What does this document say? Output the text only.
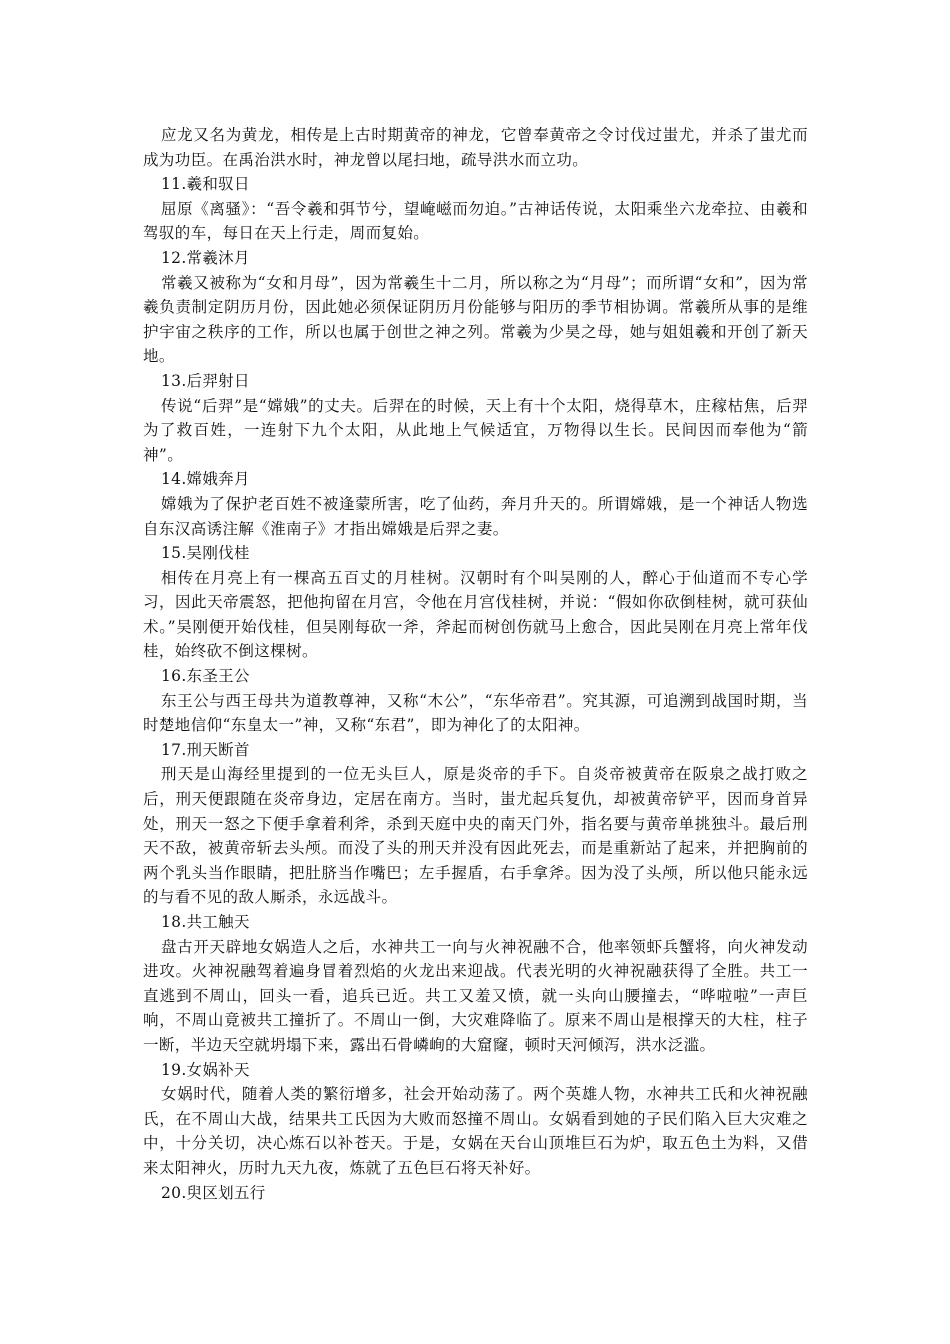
应龙又名为黄龙，相传是上古时期黄帝的神龙，它曾奉黄帝之令讨伐过蚩尤，并杀了蚩尤而成为功臣。在禹治洪水时，神龙曾以尾扫地，疏导洪水而立功。

11.羲和驭日

屈原《离骚》：“吾令羲和弭节兮，望崦嵫而勿迫。”古神话传说，太阳乘坐六龙牵拉、由羲和驾驭的车，每日在天上行走，周而复始。

12.常羲沐月

常羲又被称为“女和月母”，因为常羲生十二月，所以称之为“月母”；而所谓“女和”，因为常羲负责制定阴历月份，因此她必须保证阴历月份能够与阳历的季节相协调。常羲所从事的是维护宇宙之秩序的工作，所以也属于创世之神之列。常羲为少昊之母，她与姐姐羲和开创了新天地。

13.后羿射日

传说“后羿”是“嫦娥”的丈夫。后羿在的时候，天上有十个太阳，烧得草木，庄稼枯焦，后羿为了救百姓，一连射下九个太阳，从此地上气候适宜，万物得以生长。民间因而奉他为“箭神”。

14.嫦娥奔月

嫦娥为了保护老百姓不被逢蒙所害，吃了仙药，奔月升天的。所谓嫦娥，是一个神话人物选自东汉高诱注解《淮南子》才指出嫦娥是后羿之妻。

15.吴刚伐桂

相传在月亮上有一棵高五百丈的月桂树。汉朝时有个叫吴刚的人，醉心于仙道而不专心学习，因此天帝震怒，把他拘留在月宫，令他在月宫伐桂树，并说：“假如你砍倒桂树，就可获仙术。”吴刚便开始伐桂，但吴刚每砍一斧，斧起而树创伤就马上愈合，因此吴刚在月亮上常年伐桂，始终砍不倒这棵树。

16.东圣王公

东王公与西王母共为道教尊神，又称“木公”，“东华帝君”。究其源，可追溯到战国时期，当时楚地信仰“东皇太一”神，又称“东君”，即为神化了的太阳神。

17.刑天断首

刑天是山海经里提到的一位无头巨人，原是炎帝的手下。自炎帝被黄帝在阪泉之战打败之后，刑天便跟随在炎帝身边，定居在南方。当时，蚩尤起兵复仇，却被黄帝铲平，因而身首异处，刑天一怒之下便手拿着利斧，杀到天庭中央的南天门外，指名要与黄帝单挑独斗。最后刑天不敌，被黄帝斩去头颅。而没了头的刑天并没有因此死去，而是重新站了起来，并把胸前的两个乳头当作眼睛，把肚脐当作嘴巴；左手握盾，右手拿斧。因为没了头颅，所以他只能永远的与看不见的敌人厮杀，永远战斗。

18.共工触天

盘古开天辟地女娲造人之后，水神共工一向与火神祝融不合，他率领虾兵蟹将，向火神发动进攻。火神祝融驾着遍身冒着烈焰的火龙出来迎战。代表光明的火神祝融获得了全胜。共工一直逃到不周山，回头一看，追兵已近。共工又羞又愤，就一头向山腰撞去，“哗啦啦”一声巨响，不周山竟被共工撞折了。不周山一倒，大灾难降临了。原来不周山是根撑天的大柱，柱子一断，半边天空就坍塌下来，露出石骨嶙峋的大窟窿，顿时天河倾泻，洪水泛滥。

19.女娲补天

女娲时代，随着人类的繁衍增多，社会开始动荡了。两个英雄人物，水神共工氏和火神祝融氏，在不周山大战，结果共工氏因为大败而怒撞不周山。女娲看到她的子民们陷入巨大灾难之中，十分关切，决心炼石以补苍天。于是，女娲在天台山顶堆巨石为炉，取五色土为料，又借来太阳神火，历时九天九夜，炼就了五色巨石将天补好。

20.臾区划五行
